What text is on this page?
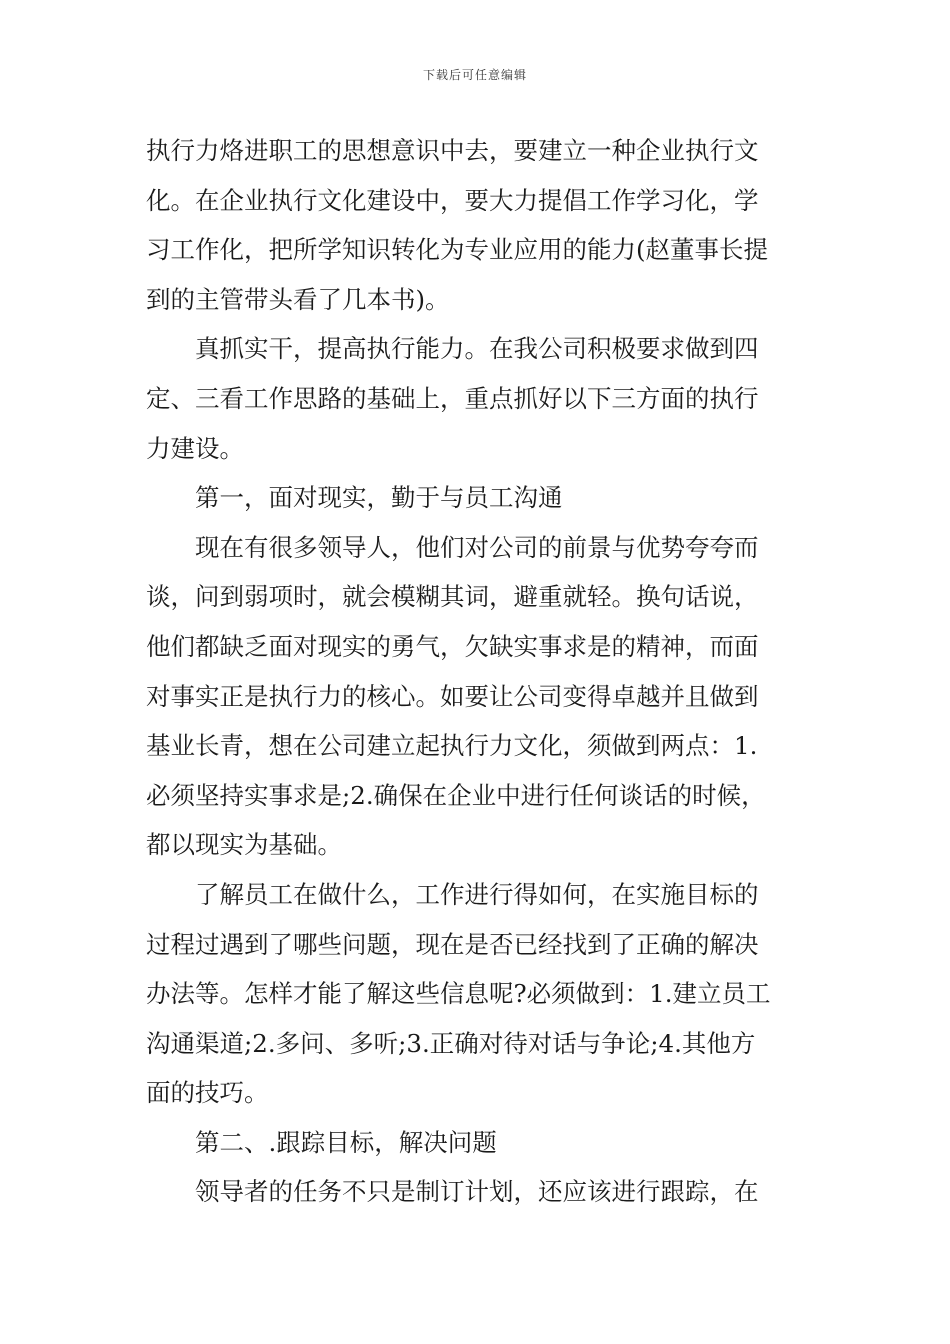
下载后可任意编辑
执行力烙进职工的思想意识中去，要建立一种企业执行文
化。在企业执行文化建设中，要大力提倡工作学习化，学
习工作化，把所学知识转化为专业应用的能力(赵董事长提
到的主管带头看了几本书)。
　　真抓实干，提高执行能力。在我公司积极要求做到四
定、三看工作思路的基础上，重点抓好以下三方面的执行
力建设。
　　第一，面对现实，勤于与员工沟通
　　现在有很多领导人，他们对公司的前景与优势夸夸而
谈，问到弱项时，就会模糊其词，避重就轻。换句话说，
他们都缺乏面对现实的勇气，欠缺实事求是的精神，而面
对事实正是执行力的核心。如要让公司变得卓越并且做到
基业长青，想在公司建立起执行力文化，须做到两点：1.
必须坚持实事求是;2.确保在企业中进行任何谈话的时候，
都以现实为基础。
　　了解员工在做什么，工作进行得如何，在实施目标的
过程过遇到了哪些问题，现在是否已经找到了正确的解决
办法等。怎样才能了解这些信息呢?必须做到：1.建立员工
沟通渠道;2.多问、多听;3.正确对待对话与争论;4.其他方
面的技巧。
　　第二、.跟踪目标，解决问题
　　领导者的任务不只是制订计划，还应该进行跟踪，在
